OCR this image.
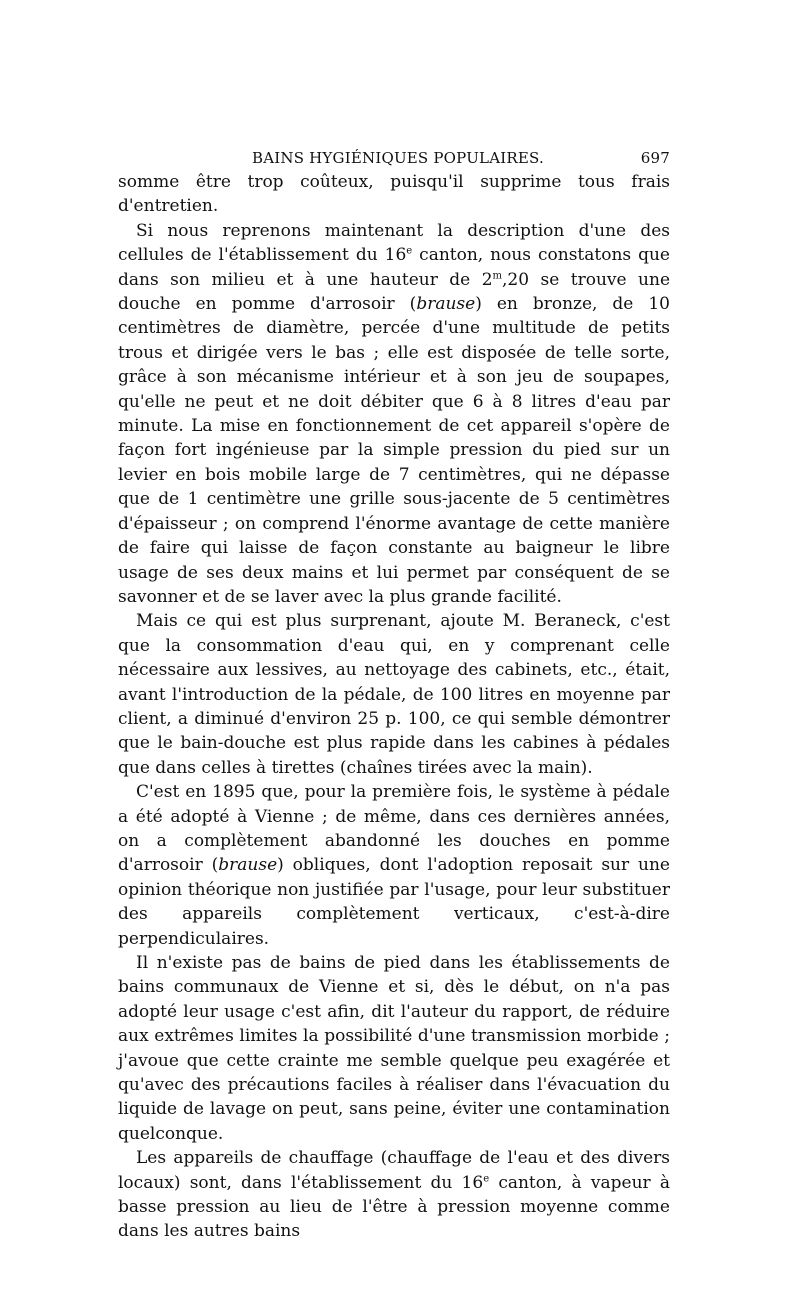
BAINS HYGIÉNIQUES POPULAIRES.	697

somme être trop coûteux, puisqu'il supprime tous frais d'entretien.

Si nous reprenons maintenant la description d'une des cellules de l'établissement du 16e canton, nous constatons que dans son milieu et à une hauteur de 2$^m$,20 se trouve une douche en pomme d'arrosoir (brause) en bronze, de 10 centimètres de diamètre, percée d'une multitude de petits trous et dirigée vers le bas ; elle est disposée de telle sorte, grâce à son mécanisme intérieur et à son jeu de soupapes, qu'elle ne peut et ne doit débiter que 6 à 8 litres d'eau par minute. La mise en fonctionnement de cet appareil s'opère de façon fort ingénieuse par la simple pression du pied sur un levier en bois mobile large de 7 centimètres, qui ne dépasse que de 1 centimètre une grille sous-jacente de 5 centimètres d'épaisseur ; on comprend l'énorme avantage de cette manière de faire qui laisse de façon constante au baigneur le libre usage de ses deux mains et lui permet par conséquent de se savonner et de se laver avec la plus grande facilité.

Mais ce qui est plus surprenant, ajoute M. Beraneck, c'est que la consommation d'eau qui, en y comprenant celle nécessaire aux lessives, au nettoyage des cabinets, etc., était, avant l'introduction de la pédale, de 100 litres en moyenne par client, a diminué d'environ 25 p. 100, ce qui semble démontrer que le bain-douche est plus rapide dans les cabines à pédales que dans celles à tirettes (chaînes tirées avec la main).

C'est en 1895 que, pour la première fois, le système à pédale a été adopté à Vienne ; de même, dans ces dernières années, on a complètement abandonné les douches en pomme d'arrosoir (brause) obliques, dont l'adoption reposait sur une opinion théorique non justifiée par l'usage, pour leur substituer des appareils complètement verticaux, c'est-à-dire perpendiculaires.

Il n'existe pas de bains de pied dans les établissements de bains communaux de Vienne et si, dès le début, on n'a pas adopté leur usage c'est afin, dit l'auteur du rapport, de réduire aux extrêmes limites la possibilité d'une transmission morbide ; j'avoue que cette crainte me semble quelque peu exagérée et qu'avec des précautions faciles à réaliser dans l'évacuation du liquide de lavage on peut, sans peine, éviter une contamination quelconque.

Les appareils de chauffage (chauffage de l'eau et des divers locaux) sont, dans l'établissement du 16e canton, à vapeur à basse pression au lieu de l'être à pression moyenne comme dans les autres bains
